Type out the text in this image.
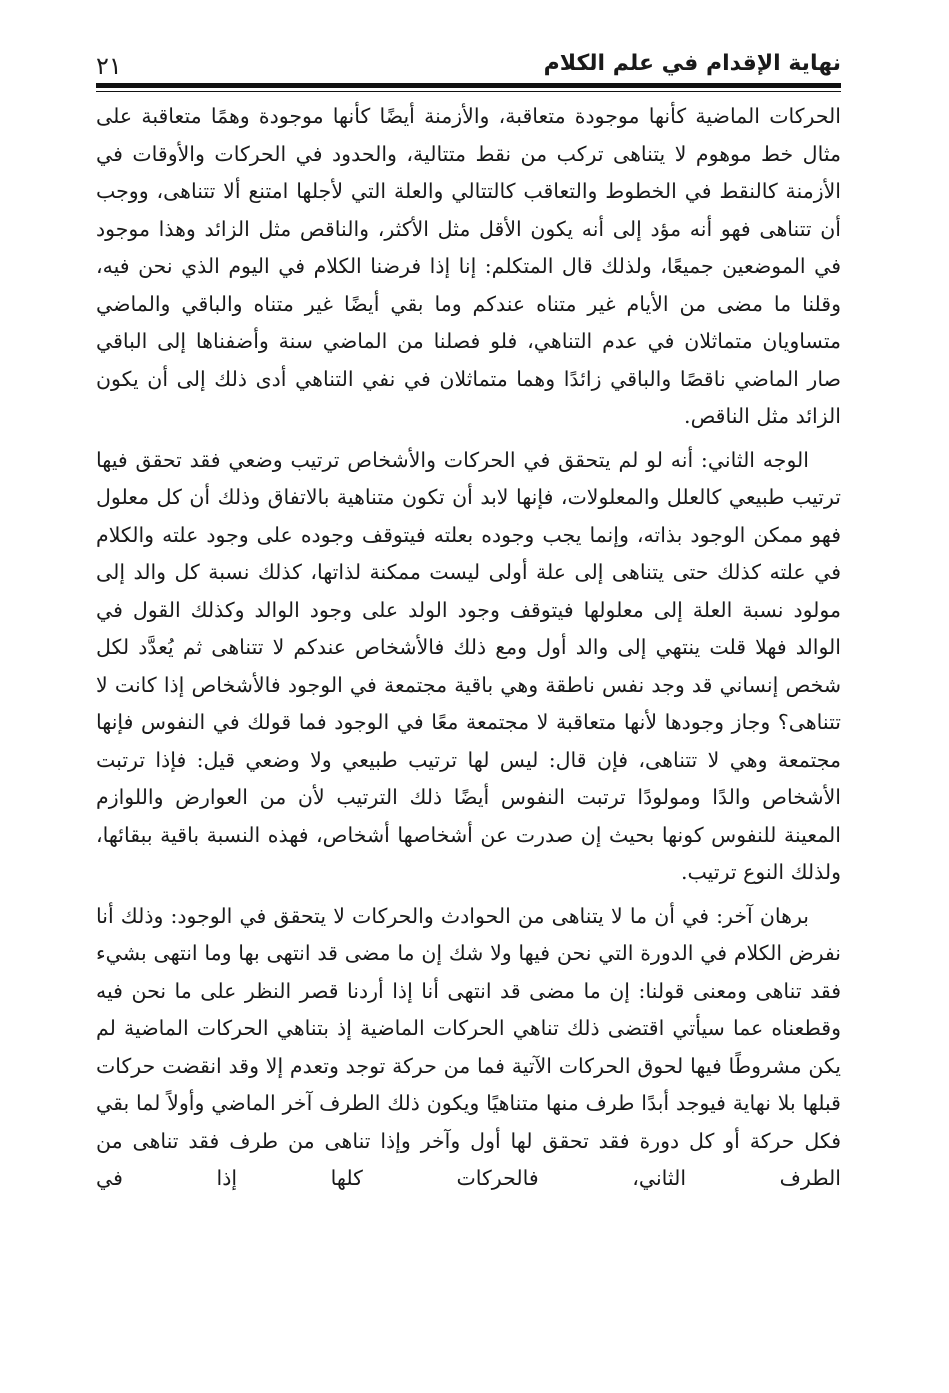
نهاية الإقدام في علم الكلام
٢١

الحركات الماضية كأنها موجودة متعاقبة، والأزمنة أيضًا كأنها موجودة وهمًا متعاقبة على مثال خط موهوم لا يتناهى تركب من نقط متتالية، والحدود في الحركات والأوقات في الأزمنة كالنقط في الخطوط والتعاقب كالتتالي والعلة التي لأجلها امتنع ألا تتناهى، ووجب أن تتناهى فهو أنه مؤد إلى أنه يكون الأقل مثل الأكثر، والناقص مثل الزائد وهذا موجود في الموضعين جميعًا، ولذلك قال المتكلم: إنا إذا فرضنا الكلام في اليوم الذي نحن فيه، وقلنا ما مضى من الأيام غير متناه عندكم وما بقي أيضًا غير متناه والباقي والماضي متساويان متماثلان في عدم التناهي، فلو فصلنا من الماضي سنة وأضفناها إلى الباقي صار الماضي ناقصًا والباقي زائدًا وهما متماثلان في نفي التناهي أدى ذلك إلى أن يكون الزائد مثل الناقص.

الوجه الثاني: أنه لو لم يتحقق في الحركات والأشخاص ترتيب وضعي فقد تحقق فيها ترتيب طبيعي كالعلل والمعلولات، فإنها لابد أن تكون متناهية بالاتفاق وذلك أن كل معلول فهو ممكن الوجود بذاته، وإنما يجب وجوده بعلته فيتوقف وجوده على وجود علته والكلام في علته كذلك حتى يتناهى إلى علة أولى ليست ممكنة لذاتها، كذلك نسبة كل والد إلى مولود نسبة العلة إلى معلولها فيتوقف وجود الولد على وجود الوالد وكذلك القول في الوالد فهلا قلت ينتهي إلى والد أول ومع ذلك فالأشخاص عندكم لا تتناهى ثم يُعدَّد لكل شخص إنساني قد وجد نفس ناطقة وهي باقية مجتمعة في الوجود فالأشخاص إذا كانت لا تتناهى؟ وجاز وجودها لأنها متعاقبة لا مجتمعة معًا في الوجود فما قولك في النفوس فإنها مجتمعة وهي لا تتناهى، فإن قال: ليس لها ترتيب طبيعي ولا وضعي قيل: فإذا ترتبت الأشخاص والدًا ومولودًا ترتبت النفوس أيضًا ذلك الترتيب لأن من العوارض واللوازم المعينة للنفوس كونها بحيث إن صدرت عن أشخاصها أشخاص، فهذه النسبة باقية ببقائها، ولذلك النوع ترتيب.

برهان آخر: في أن ما لا يتناهى من الحوادث والحركات لا يتحقق في الوجود: وذلك أنا نفرض الكلام في الدورة التي نحن فيها ولا شك إن ما مضى قد انتهى بها وما انتهى بشيء فقد تناهى ومعنى قولنا: إن ما مضى قد انتهى أنا إذا أردنا قصر النظر على ما نحن فيه وقطعناه عما سيأتي اقتضى ذلك تناهي الحركات الماضية إذ بتناهي الحركات الماضية لم يكن مشروطًا فيها لحوق الحركات الآتية فما من حركة توجد وتعدم إلا وقد انقضت حركات قبلها بلا نهاية فيوجد أبدًا طرف منها متناهيًا ويكون ذلك الطرف آخر الماضي وأولاً لما بقي فكل حركة أو كل دورة فقد تحقق لها أول وآخر وإذا تناهى من طرف فقد تناهى من الطرف الثاني، فالحركات كلها إذا في
